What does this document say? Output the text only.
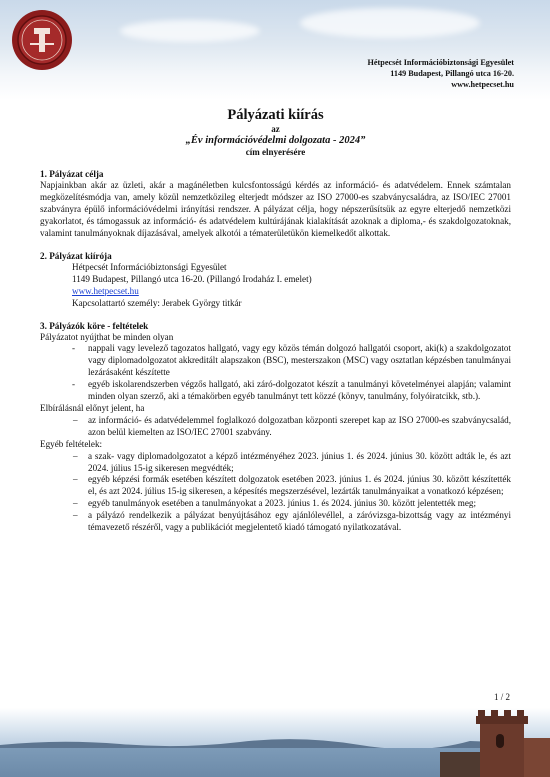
Hétpecsét Információbiztonsági Egyesület
1149 Budapest, Pillangó utca 16-20.
www.hetpecset.hu
Pályázati kiírás
az
„Év információvédelmi dolgozata - 2024”
cím elnyerésére
1. Pályázat célja

Napjainkban akár az üzleti, akár a magánéletben kulcsfontosságú kérdés az információ- és adatvédelem. Ennek számtalan megközelítésmódja van, amely közül nemzetközileg elterjedt módszer az ISO 27000-es szabványcsaládra, az ISO/IEC 27001 szabványra épülő információvédelmi irányítási rendszer. A pályázat célja, hogy népszerűsítsük az egyre elterjedő nemzetközi gyakorlatot, és támogassuk az információ- és adatvédelem kultúrájának kialakítását azoknak a diploma,- és szakdolgozatoknak, valamint tanulmányoknak díjazásával, amelyek alkotói a tématerületükön kiemelkedőt alkottak.

2. Pályázat kiírója
Hétpecsét Információbiztonsági Egyesület
1149 Budapest, Pillangó utca 16-20. (Pillangó Irodaház I. emelet)
www.hetpecset.hu
Kapcsolattartó személy: Jerabek György titkár
3. Pályázók köre - feltételek
Pályázatot nyújthat be minden olyan
- nappali vagy levelező tagozatos hallgató, vagy egy közös témán dolgozó hallgatói csoport, aki(k) a szakdolgozatot vagy diplomadolgozatot akkreditált alapszakon (BSC), mesterszakon (MSC) vagy osztatlan képzésben tanulmányai lezárásaként készítette
- egyéb iskolarendszerben végzős hallgató, aki záró-dolgozatot készít a tanulmányi követelményei alapján; valamint minden olyan szerző, aki a témakörben egyéb tanulmányt tett közzé (könyv, tanulmány, folyóiratcikk, stb.).
Elbírálásnál előnyt jelent, ha
– az információ- és adatvédelemmel foglalkozó dolgozatban központi szerepet kap az ISO 27000-es szabványcsalád, azon belül kiemelten az ISO/IEC 27001 szabvány.
Egyéb feltételek:
– a szak- vagy diplomadolgozatot a képző intézményéhez 2023. június 1. és 2024. június 30. között adták le, és azt 2024. július 15-ig sikeresen megvédték;
– egyéb képzési formák esetében készített dolgozatok esetében 2023. június 1. és 2024. június 30. között készítették el, és azt 2024. július 15-ig sikeresen, a képesítés megszerzésével, lezárták tanulmányaikat a vonatkozó képzésen;
– egyéb tanulmányok esetében a tanulmányokat a 2023. június 1. és 2024. június 30. között jelentették meg;
– a pályázó rendelkezik a pályázat benyújtásához egy ajánlólevéllel, a záróvizsga-bizottság vagy az intézményi témavezető részéről, vagy a publikációt megjelentető kiadó támogató nyilatkozatával.
1 / 2
